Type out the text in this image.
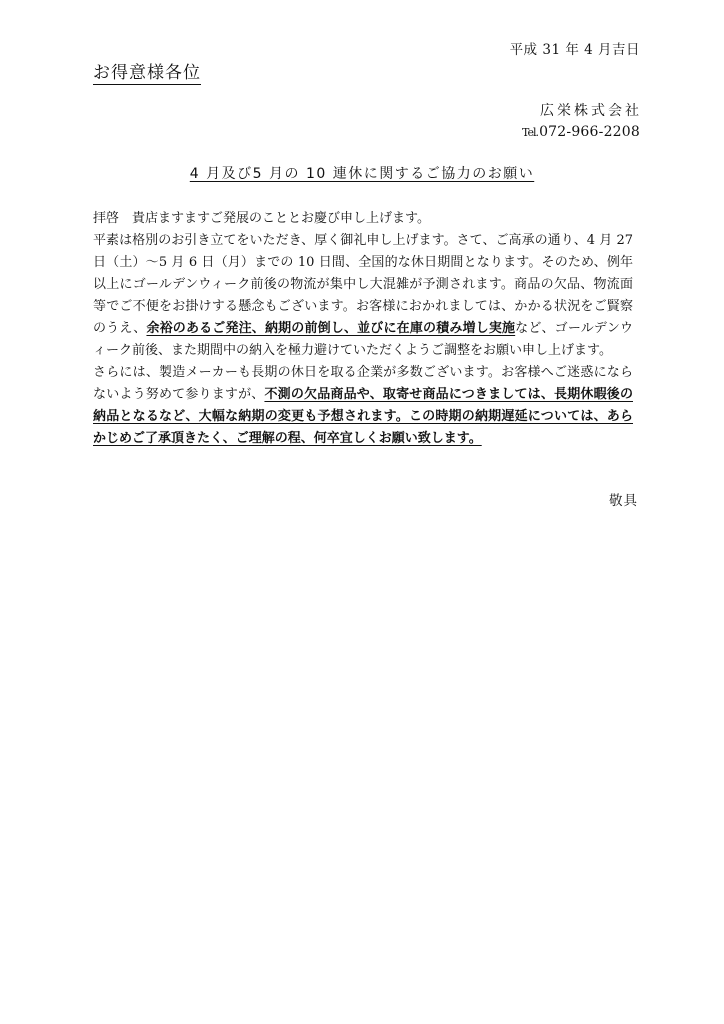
平成 31 年 4 月吉日
お得意様各位
広栄株式会社
Tel.072-966-2208
4 月及び5 月の 10 連休に関するご協力のお願い

拝啓　貴店ますますご発展のこととお慶び申し上げます。

平素は格別のお引き立てをいただき、厚く御礼申し上げます。さて、ご高承の通り、4 月 27 日（土）～5 月 6 日（月）までの 10 日間、全国的な休日期間となります。そのため、例年以上にゴールデンウィーク前後の物流が集中し大混雑が予測されます。商品の欠品、物流面等でご不便をお掛けする懸念もございます。お客様におかれましては、かかる状況をご賢察のうえ、余裕のあるご発注、納期の前倒し、並びに在庫の積み増し実施など、ゴールデンウィーク前後、また期間中の納入を極力避けていただくようご調整をお願い申し上げます。

さらには、製造メーカーも長期の休日を取る企業が多数ございます。お客様へご迷惑にならないよう努めて参りますが、不測の欠品商品や、取寄せ商品につきましては、長期休暇後の納品となるなど、大幅な納期の変更も予想されます。この時期の納期遅延については、あらかじめご了承頂きたく、ご理解の程、何卒宜しくお願い致します。

敬具
